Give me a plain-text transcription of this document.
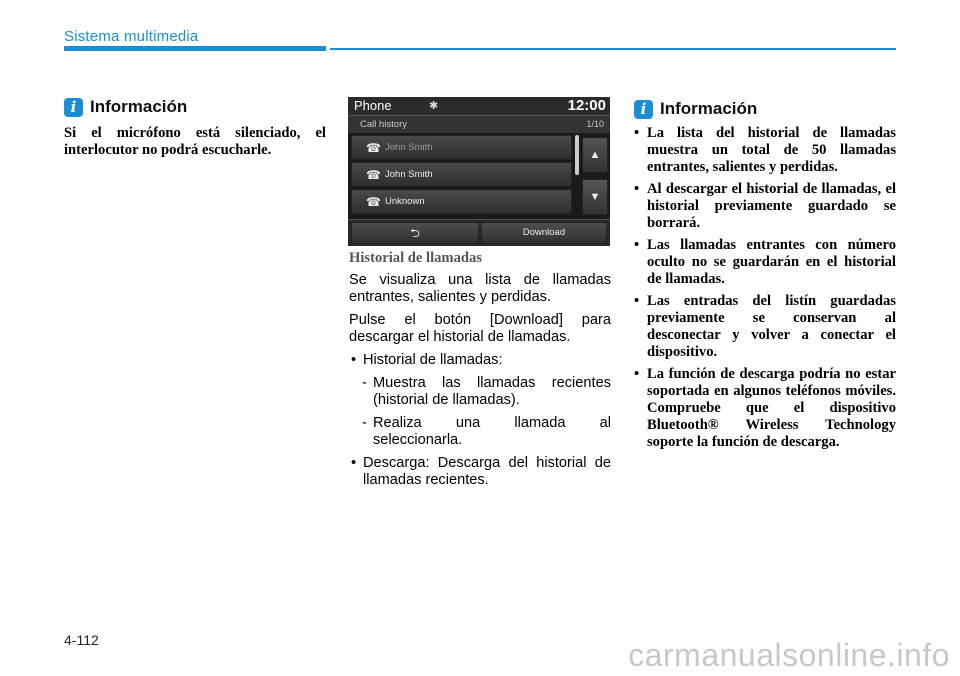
Sistema multimedia
i Información
Si el micrófono está silenciado, el interlocutor no podrá escucharle.
Phone	✱	12:00
Call history	1/10
☎ John Smith
☎ John Smith
☎ Unknown
▲
▼
⮌	Download
Historial de llamadas

Se visualiza una lista de llamadas entrantes, salientes y perdidas.

Pulse el botón [Download] para descargar el historial de llamadas.

• Historial de llamadas:
- Muestra las llamadas recientes (historial de llamadas).
- Realiza una llamada al seleccionarla.
• Descarga: Descarga del historial de llamadas recientes.
i Información
• La lista del historial de llamadas muestra un total de 50 llamadas entrantes, salientes y perdidas.
• Al descargar el historial de llamadas, el historial previamente guardado se borrará.
• Las llamadas entrantes con número oculto no se guardarán en el historial de llamadas.
• Las entradas del listín guardadas previamente se conservan al desconectar y volver a conectar el dispositivo.
• La función de descarga podría no estar soportada en algunos teléfonos móviles. Compruebe que el dispositivo Bluetooth® Wireless Technology soporte la función de descarga.
4-112	carmanualsonline.info
